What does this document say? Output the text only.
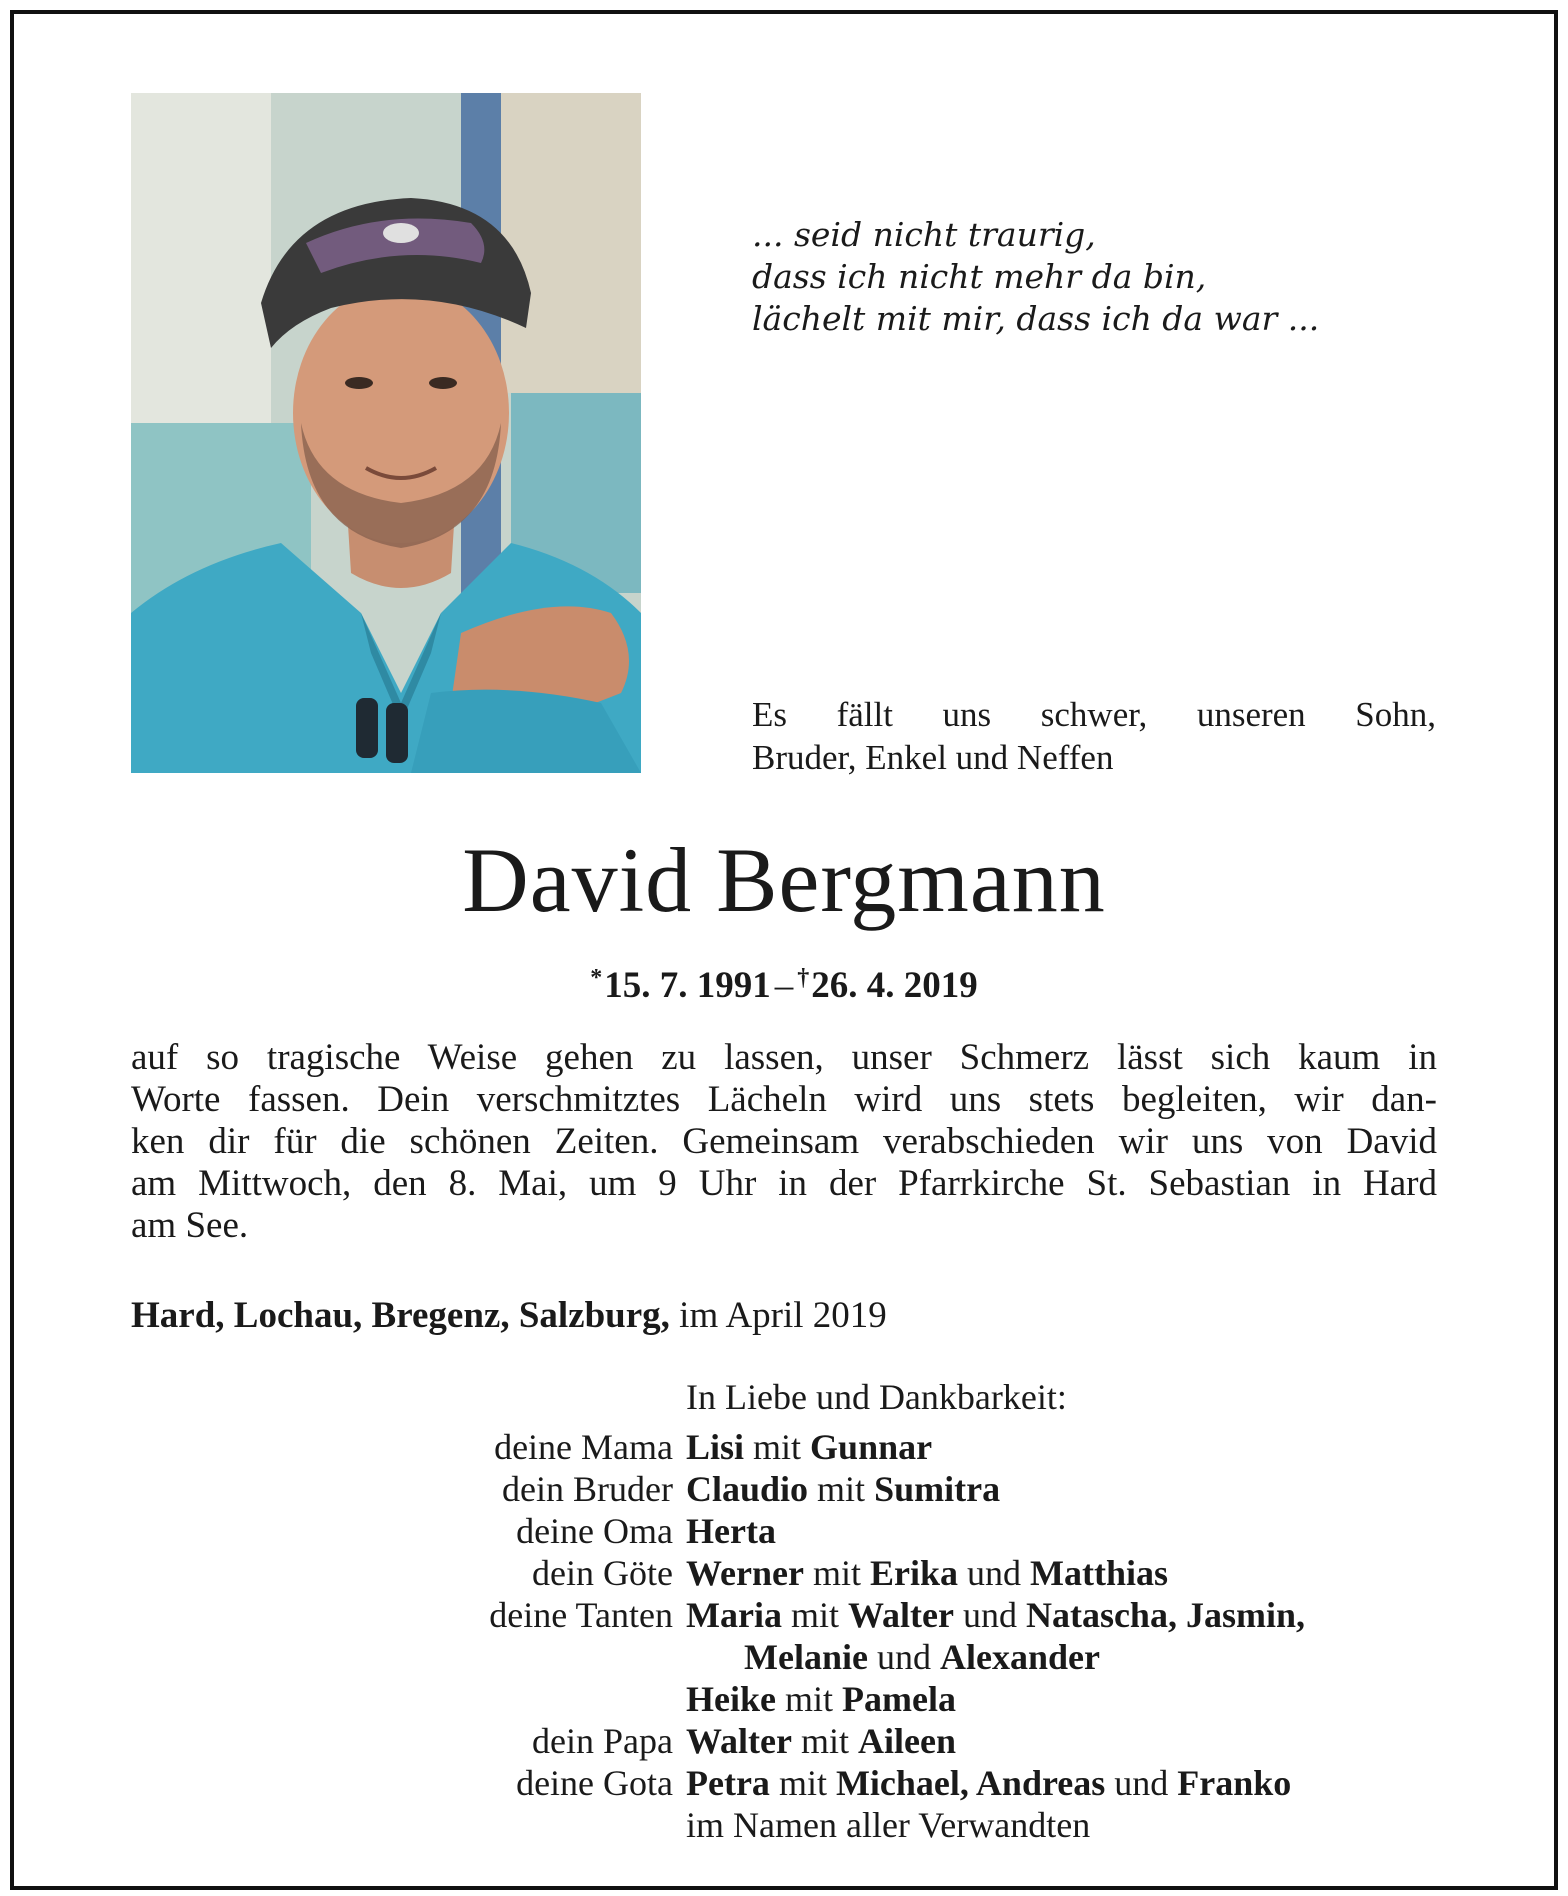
... seid nicht traurig,
dass ich nicht mehr da bin,
lächelt mit mir, dass ich da war ...
Es fällt uns schwer, unseren Sohn,
Bruder, Enkel und Neffen
David Bergmann
*15. 7. 1991 – †26. 4. 2019
auf so tragische Weise gehen zu lassen, unser Schmerz lässt sich kaum in
Worte fassen. Dein verschmitztes Lächeln wird uns stets begleiten, wir dan-
ken dir für die schönen Zeiten. Gemeinsam verabschieden wir uns von David
am Mittwoch, den 8. Mai, um 9 Uhr in der Pfarrkirche St. Sebastian in Hard
am See.
Hard, Lochau, Bregenz, Salzburg, im April 2019
In Liebe und Dankbarkeit:
deine Mama Lisi mit Gunnar
dein Bruder Claudio mit Sumitra
deine Oma Herta
dein Göte Werner mit Erika und Matthias
deine Tanten Maria mit Walter und Natascha, Jasmin,
Melanie und Alexander
Heike mit Pamela
dein Papa Walter mit Aileen
deine Gota Petra mit Michael, Andreas und Franko
im Namen aller Verwandten
